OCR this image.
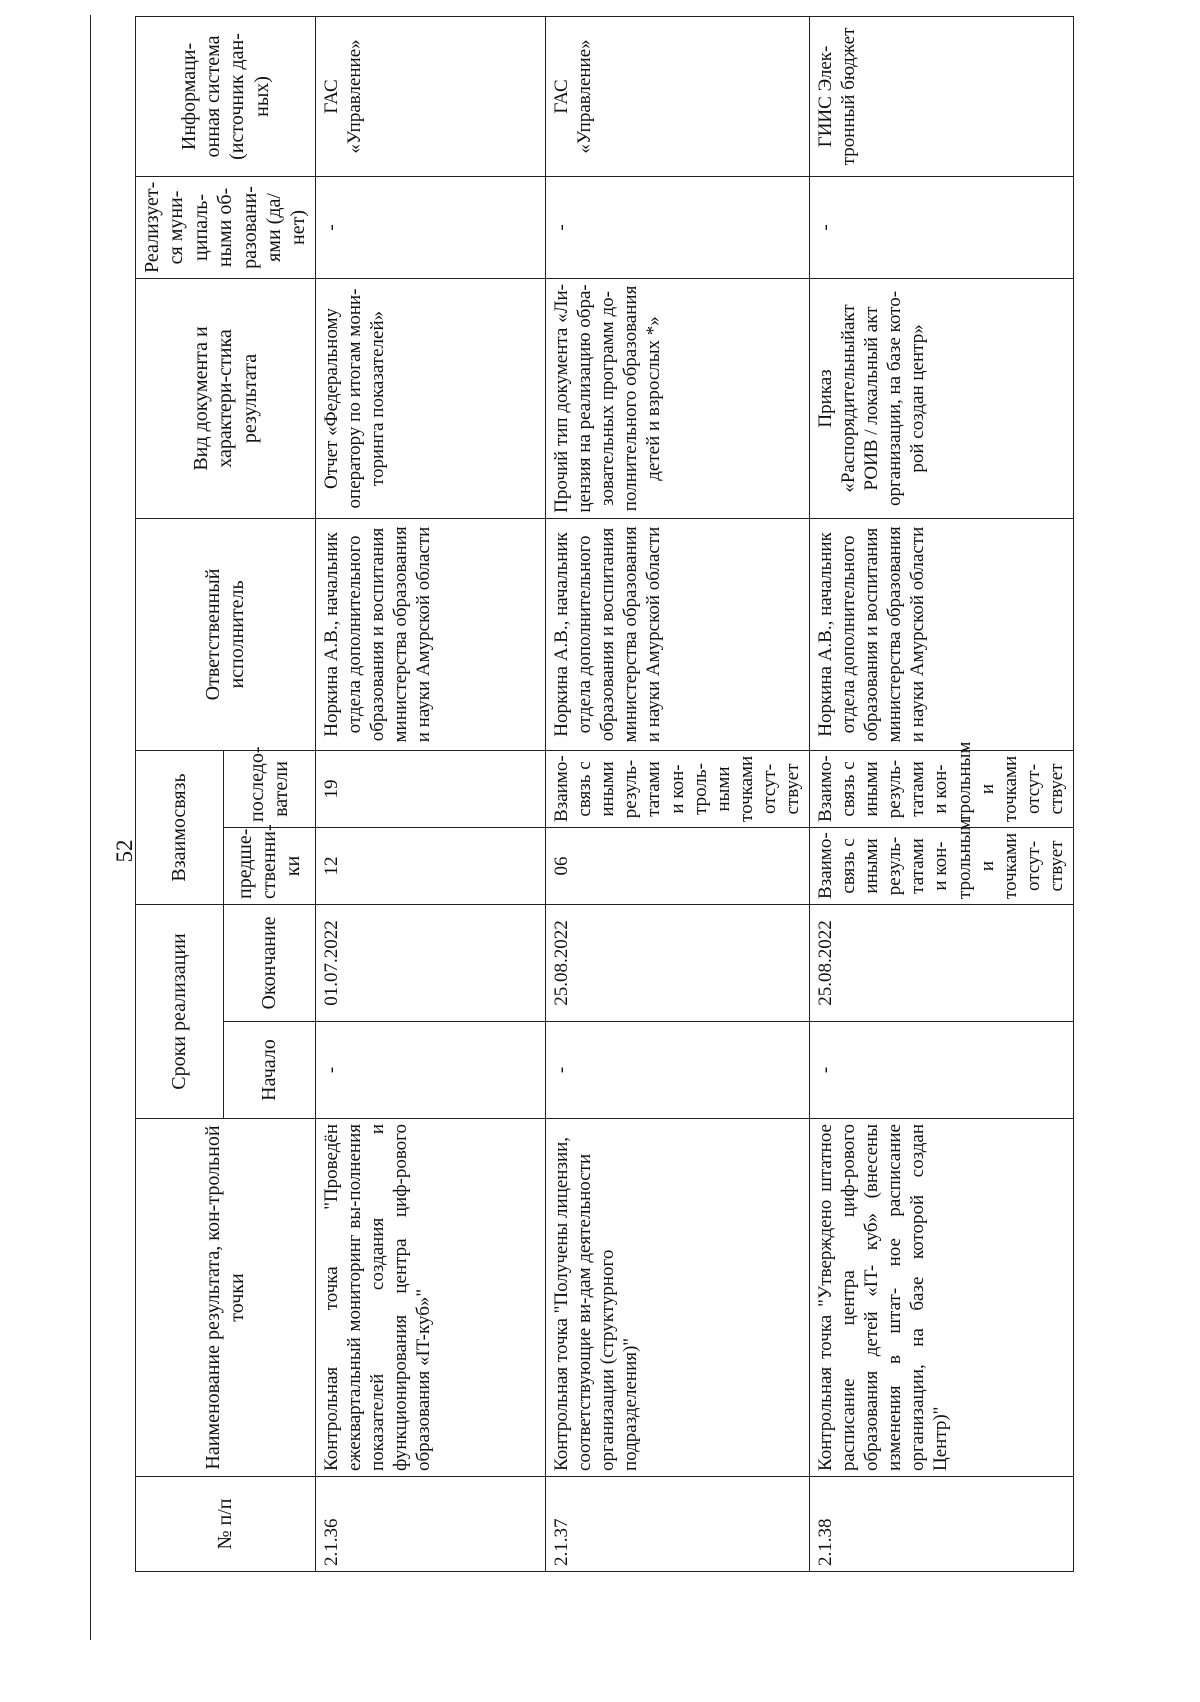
52
№ п/п	Наименование результата, кон-трольной точки	Сроки реализации		Взаимосвязь		Ответственный исполнитель	Вид документа и характери-стика результата	Реализует-ся муни-ципаль-ными об-разовани-ями (да/нет)	Информаци-онная система (источник дан-ных)
		Начало	Окончание	предше-ственни-ки	последо-ватели				
2.1.36	Контрольная точка "Проведён ежеквартальный мониторинг вы-полнения показателей создания и функционирования центра циф-рового образования «IT-куб»"	-	01.07.2022	12	19	Норкина А.В., начальник отдела дополнительного образования и воспитания министерства образования и науки Амурской области	Отчет «Федеральному оператору по итогам мони-торинга показателей»	-	ГАС «Управление»
2.1.37	Контрольная точка "Получены лицензии, соответствующие ви-дам деятельности организации (структурного подразделения)"	-	25.08.2022	06	Взаимо-связь с иными резуль-татами и кон-троль-ными точками отсут-ствует	Норкина А.В., начальник отдела дополнительного образования и воспитания министерства образования и науки Амурской области	Прочий тип документа «Ли-цензия на реализацию обра-зовательных программ до-полнительного образования детей и взрослых *»	-	ГАС «Управление»
2.1.38	Контрольная точка "Утверждено штатное расписание центра циф-рового образования детей «IT- куб» (внесены изменения в штат- ное расписание организации, на базе которой создан Центр)"	-	25.08.2022	Взаимо-связь с иными резуль-татами и кон-трольным и точками отсут-ствует	Взаимо-связь с иными резуль-татами и кон-трольным и точками отсут-ствует	Норкина А.В., начальник отдела дополнительного образования и воспитания министерства образования и науки Амурской области	Приказ «Распорядительныйакт РОИВ / локальный акт организации, на базе кото-рой создан центр»	-	ГИИС Элек-тронный бюджет
